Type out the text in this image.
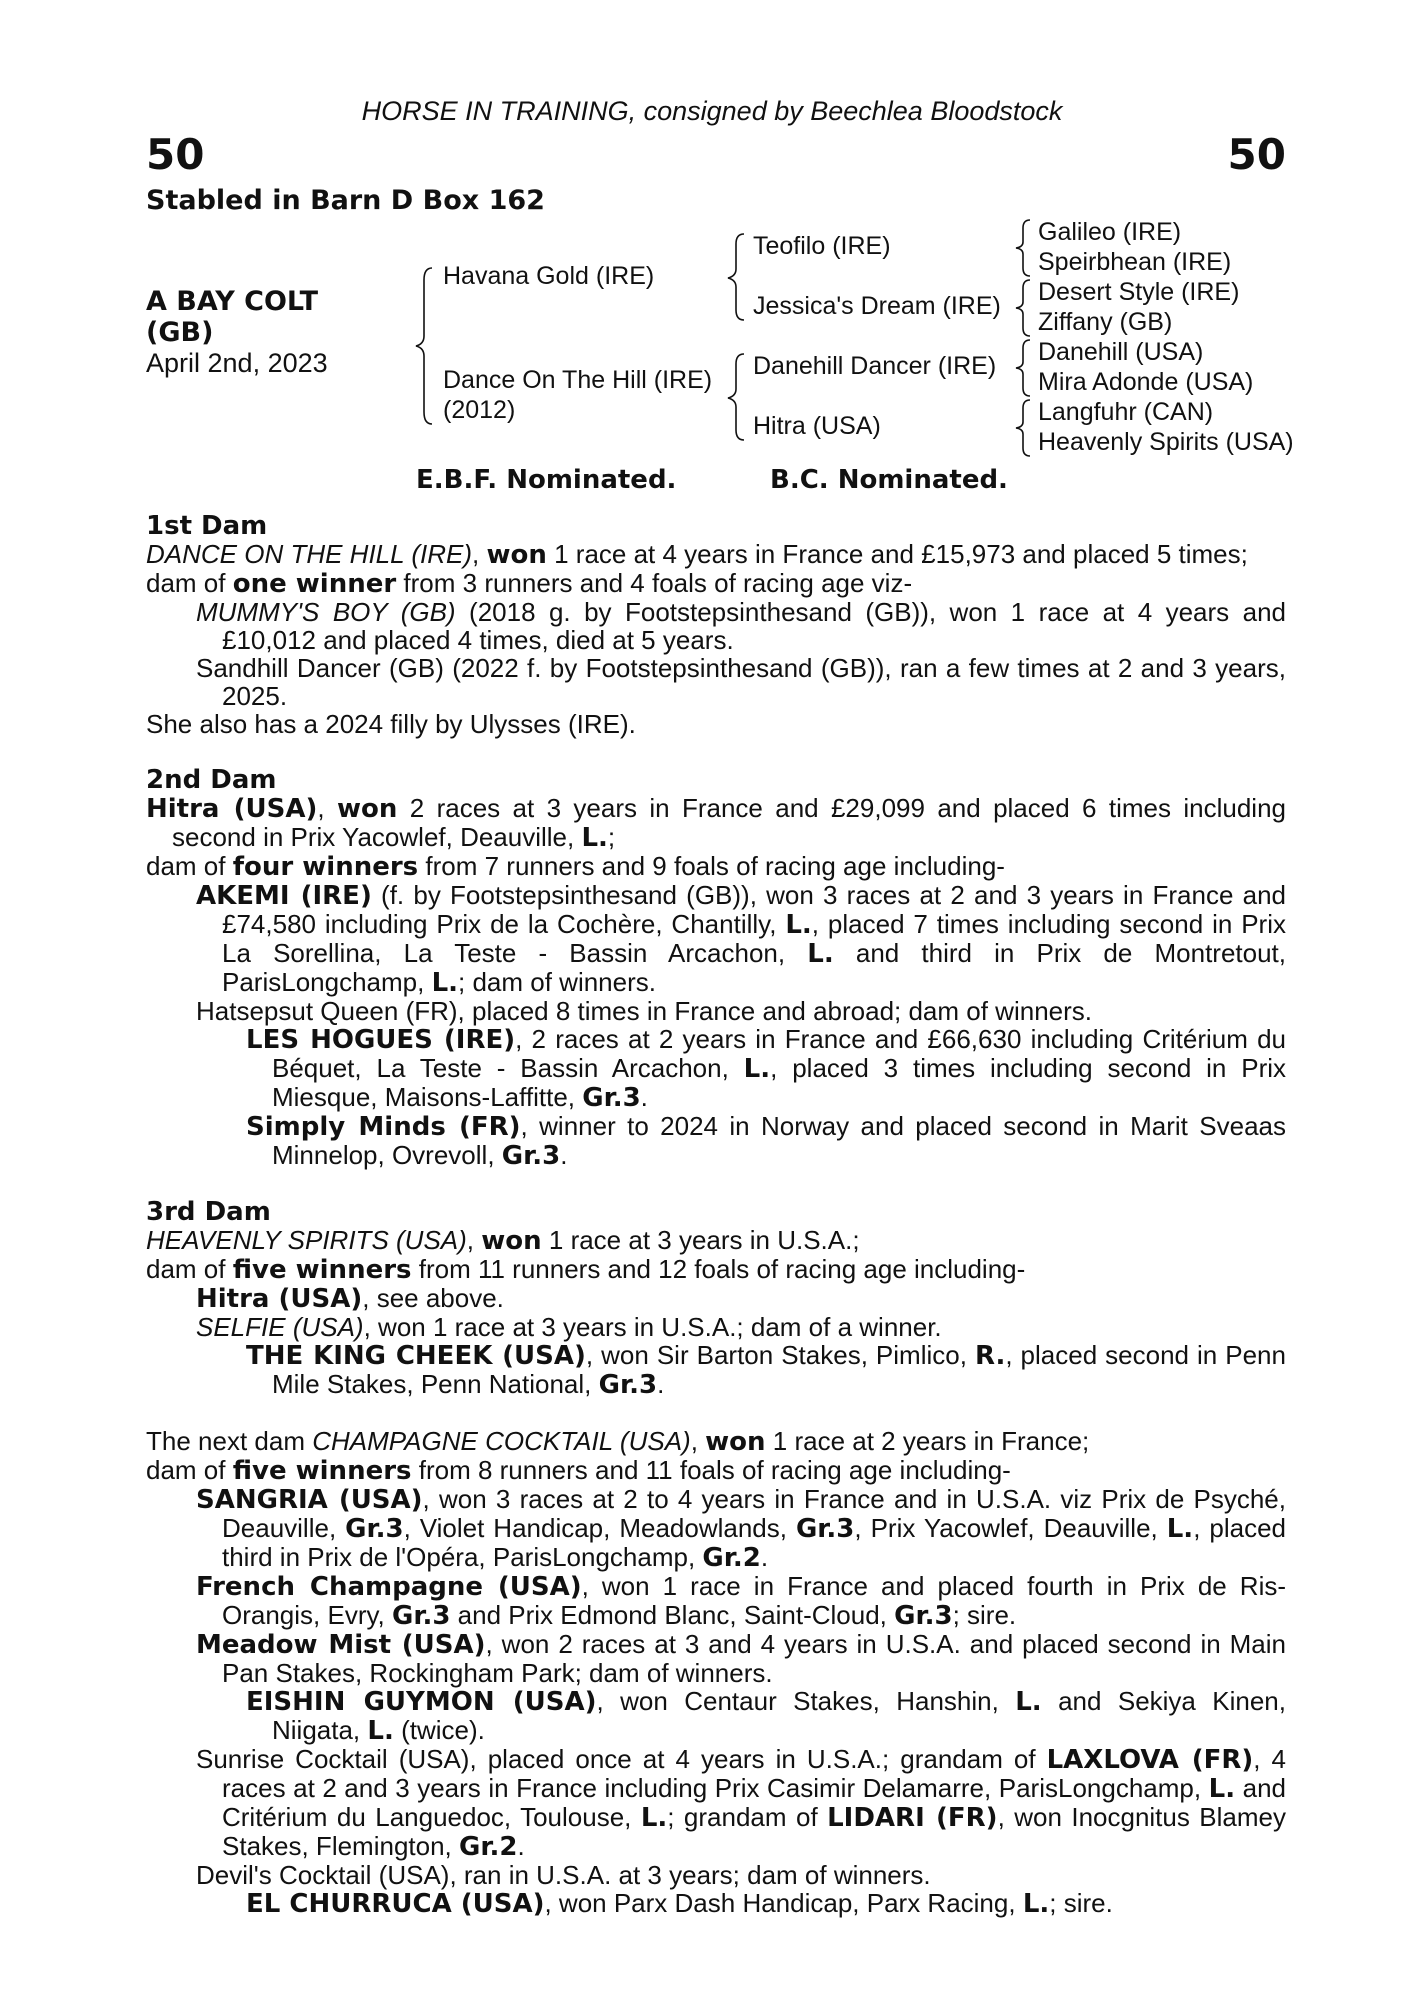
HORSE IN TRAINING, consigned by Beechlea Bloodstock
50	50
Stabled in Barn D Box 162
A BAY COLT
(GB)
April 2nd, 2023
Havana Gold (IRE)
Dance On The Hill (IRE)
(2012)
Teofilo (IRE)
Jessica's Dream (IRE)
Danehill Dancer (IRE)
Hitra (USA)
Galileo (IRE)
Speirbhean (IRE)
Desert Style (IRE)
Ziffany (GB)
Danehill (USA)
Mira Adonde (USA)
Langfuhr (CAN)
Heavenly Spirits (USA)
E.B.F. Nominated.	B.C. Nominated.
1st Dam
DANCE ON THE HILL (IRE), won 1 race at 4 years in France and £15,973 and placed 5 times;
dam of one winner from 3 runners and 4 foals of racing age viz-
MUMMY'S BOY (GB) (2018 g. by Footstepsinthesand (GB)), won 1 race at 4 years and £10,012 and placed 4 times, died at 5 years.
Sandhill Dancer (GB) (2022 f. by Footstepsinthesand (GB)), ran a few times at 2 and 3 years, 2025.
She also has a 2024 filly by Ulysses (IRE).
2nd Dam
Hitra (USA), won 2 races at 3 years in France and £29,099 and placed 6 times including second in Prix Yacowlef, Deauville, L.;
dam of four winners from 7 runners and 9 foals of racing age including-
AKEMI (IRE) (f. by Footstepsinthesand (GB)), won 3 races at 2 and 3 years in France and £74,580 including Prix de la Cochère, Chantilly, L., placed 7 times including second in Prix La Sorellina, La Teste - Bassin Arcachon, L. and third in Prix de Montretout, ParisLongchamp, L.; dam of winners.
Hatsepsut Queen (FR), placed 8 times in France and abroad; dam of winners.
LES HOGUES (IRE), 2 races at 2 years in France and £66,630 including Critérium du Béquet, La Teste - Bassin Arcachon, L., placed 3 times including second in Prix Miesque, Maisons-Laffitte, Gr.3.
Simply Minds (FR), winner to 2024 in Norway and placed second in Marit Sveaas Minnelop, Ovrevoll, Gr.3.
3rd Dam
HEAVENLY SPIRITS (USA), won 1 race at 3 years in U.S.A.;
dam of five winners from 11 runners and 12 foals of racing age including-
Hitra (USA), see above.
SELFIE (USA), won 1 race at 3 years in U.S.A.; dam of a winner.
THE KING CHEEK (USA), won Sir Barton Stakes, Pimlico, R., placed second in Penn Mile Stakes, Penn National, Gr.3.
The next dam CHAMPAGNE COCKTAIL (USA), won 1 race at 2 years in France;
dam of five winners from 8 runners and 11 foals of racing age including-
SANGRIA (USA), won 3 races at 2 to 4 years in France and in U.S.A. viz Prix de Psyché, Deauville, Gr.3, Violet Handicap, Meadowlands, Gr.3, Prix Yacowlef, Deauville, L., placed third in Prix de l'Opéra, ParisLongchamp, Gr.2.
French Champagne (USA), won 1 race in France and placed fourth in Prix de Ris-Orangis, Evry, Gr.3 and Prix Edmond Blanc, Saint-Cloud, Gr.3; sire.
Meadow Mist (USA), won 2 races at 3 and 4 years in U.S.A. and placed second in Main Pan Stakes, Rockingham Park; dam of winners.
EISHIN GUYMON (USA), won Centaur Stakes, Hanshin, L. and Sekiya Kinen, Niigata, L. (twice).
Sunrise Cocktail (USA), placed once at 4 years in U.S.A.; grandam of LAXLOVA (FR), 4 races at 2 and 3 years in France including Prix Casimir Delamarre, ParisLongchamp, L. and Critérium du Languedoc, Toulouse, L.; grandam of LIDARI (FR), won Inocgnitus Blamey Stakes, Flemington, Gr.2.
Devil's Cocktail (USA), ran in U.S.A. at 3 years; dam of winners.
EL CHURRUCA (USA), won Parx Dash Handicap, Parx Racing, L.; sire.
